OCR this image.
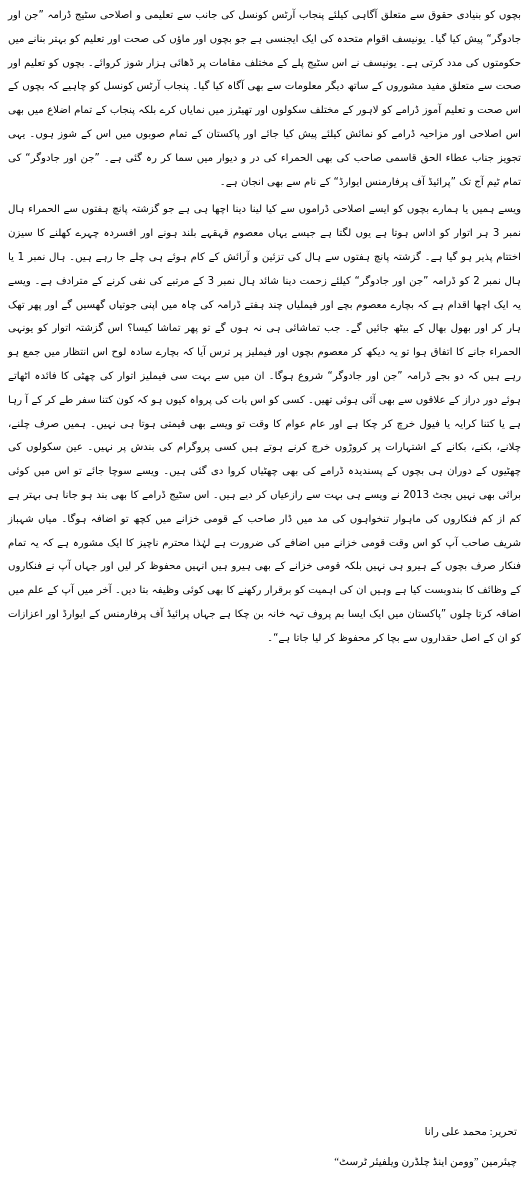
بچوں کو بنیادی حقوق سے متعلق آگاہی کیلئے پنجاب آرٹس کونسل کی جانب سے تعلیمی و اصلاحی سٹیج ڈرامہ ”جن اور جادوگر“ پیش کیا گیا۔ یونیسف اقوام متحدہ کی ایک ایجنسی ہے جو بچوں اور ماؤں کی صحت اور تعلیم کو بہتر بنانے میں حکومتوں کی مدد کرتی ہے۔ یونیسف نے اس سٹیج پلے کے مختلف مقامات پر ڈھائی ہزار شوز کروائے۔ بچوں کو تعلیم اور صحت سے متعلق مفید مشوروں کے ساتھ دیگر معلومات سے بھی آگاہ کیا گیا۔ پنجاب آرٹس کونسل کو چاہیے کہ بچوں کے اس صحت و تعلیم آموز ڈرامے کو لاہور کے مختلف سکولوں اور تھیٹرز میں نمایاں کرے بلکہ پنجاب کے تمام اضلاع میں بھی اس اصلاحی اور مزاحیہ ڈرامے کو نمائش کیلئے پیش کیا جائے اور پاکستان کے تمام صوبوں میں اس کے شوز ہوں۔ یہی تجویز جناب عطاء الحق قاسمی صاحب کی بھی الحمراء کی در و دیوار میں سما کر رہ گئی ہے۔ ”جن اور جادوگر“ کی تمام ٹیم آج تک ”پرائیڈ آف پرفارمنس ایوارڈ“ کے نام سے بھی انجان ہے۔

ویسے ہمیں یا ہمارے بچوں کو ایسے اصلاحی ڈراموں سے کیا لینا دینا اچھا ہی ہے جو گزشتہ پانچ ہفتوں سے الحمراء ہال نمبر 3 ہر اتوار کو اداس ہوتا ہے یوں لگتا ہے جیسے یہاں معصوم قہقہے بلند ہونے اور افسردہ چہرے کھلنے کا سیزن اختتام پذیر ہو گیا ہے۔ گزشتہ پانچ ہفتوں سے ہال کی تزئین و آرائش کے کام ہوئے ہی چلے جا رہے ہیں۔ ہال نمبر 1 یا ہال نمبر 2 کو ڈرامہ ”جن اور جادوگر“ کیلئے زحمت دینا شائد ہال نمبر 3 کے مرتبے کی نفی کرنے کے مترادف ہے۔ ویسے یہ ایک اچھا اقدام ہے کہ بچارے معصوم بچے اور فیملیاں چند ہفتے ڈرامہ کی چاہ میں اپنی جوتیاں گھسیں گے اور پھر تھک ہار کر اور بھول بھال کے بیٹھ جائیں گے۔ جب تماشائی ہی نہ ہوں گے تو پھر تماشا کیسا؟ اس گزشتہ اتوار کو یونہی الحمراء جانے کا اتفاق ہوا تو یہ دیکھ کر معصوم بچوں اور فیملیز پر ترس آیا کہ بچارے سادہ لوح اس انتظار میں جمع ہو رہے ہیں کہ دو بجے ڈرامہ ”جن اور جادوگر“ شروع ہوگا۔ ان میں سے بہت سی فیملیز اتوار کی چھٹی کا فائدہ اٹھاتے ہوئے دور دراز کے علاقوں سے بھی آئی ہوئی تھیں۔ کسی کو اس بات کی پرواہ کیوں ہو کہ کون کتنا سفر طے کر کے آ رہا ہے یا کتنا کرایہ یا فیول خرچ کر چکا ہے اور عام عوام کا وقت تو ویسے بھی قیمتی ہوتا ہی نہیں۔ ہمیں صرف چلنے، چلانے، بکنے، بکانے کے اشتہارات پر کروڑوں خرچ کرنے ہوتے ہیں کسی پروگرام کی بندش پر نہیں۔ عین سکولوں کی چھٹیوں کے دوران ہی بچوں کے پسندیدہ ڈرامے کی بھی چھٹیاں کروا دی گئی ہیں۔ ویسے سوچا جائے تو اس میں کوئی برائی بھی نہیں بجٹ 2013 نے ویسے ہی بہت سے رازعیاں کر دیے ہیں۔ اس سٹیج ڈرامے کا بھی بند ہو جانا ہی بہتر ہے کم از کم فنکاروں کی ماہوار تنخواہوں کی مد میں ڈار صاحب کے قومی خزانے میں کچھ تو اضافہ ہوگا۔ میاں شہباز شریف صاحب آپ کو اس وقت قومی خزانے میں اضافے کی ضرورت ہے لہٰذا محترم ناچیز کا ایک مشورہ ہے کہ یہ تمام فنکار صرف بچوں کے ہیرو ہی نہیں بلکہ قومی خزانے کے بھی ہیرو ہیں انہیں محفوظ کر لیں اور جہاں آپ نے فنکاروں کے وظائف کا بندوبست کیا ہے وہیں ان کی اہمیت کو برقرار رکھنے کا بھی کوئی وظیفہ بتا دیں۔ آخر میں آپ کے علم میں اضافہ کرتا چلوں ”پاکستان میں ایک ایسا بم پروف تہہ خانہ بن چکا ہے جہاں پرائیڈ آف پرفارمنس کے ایوارڈ اور اعزازات کو ان کے اصل حقداروں سے بچا کر محفوظ کر لیا جاتا ہے“۔

تحریر: محمد علی رانا
چیئرمین ”وومن اینڈ چلڈرن ویلفیئر ٹرسٹ“
